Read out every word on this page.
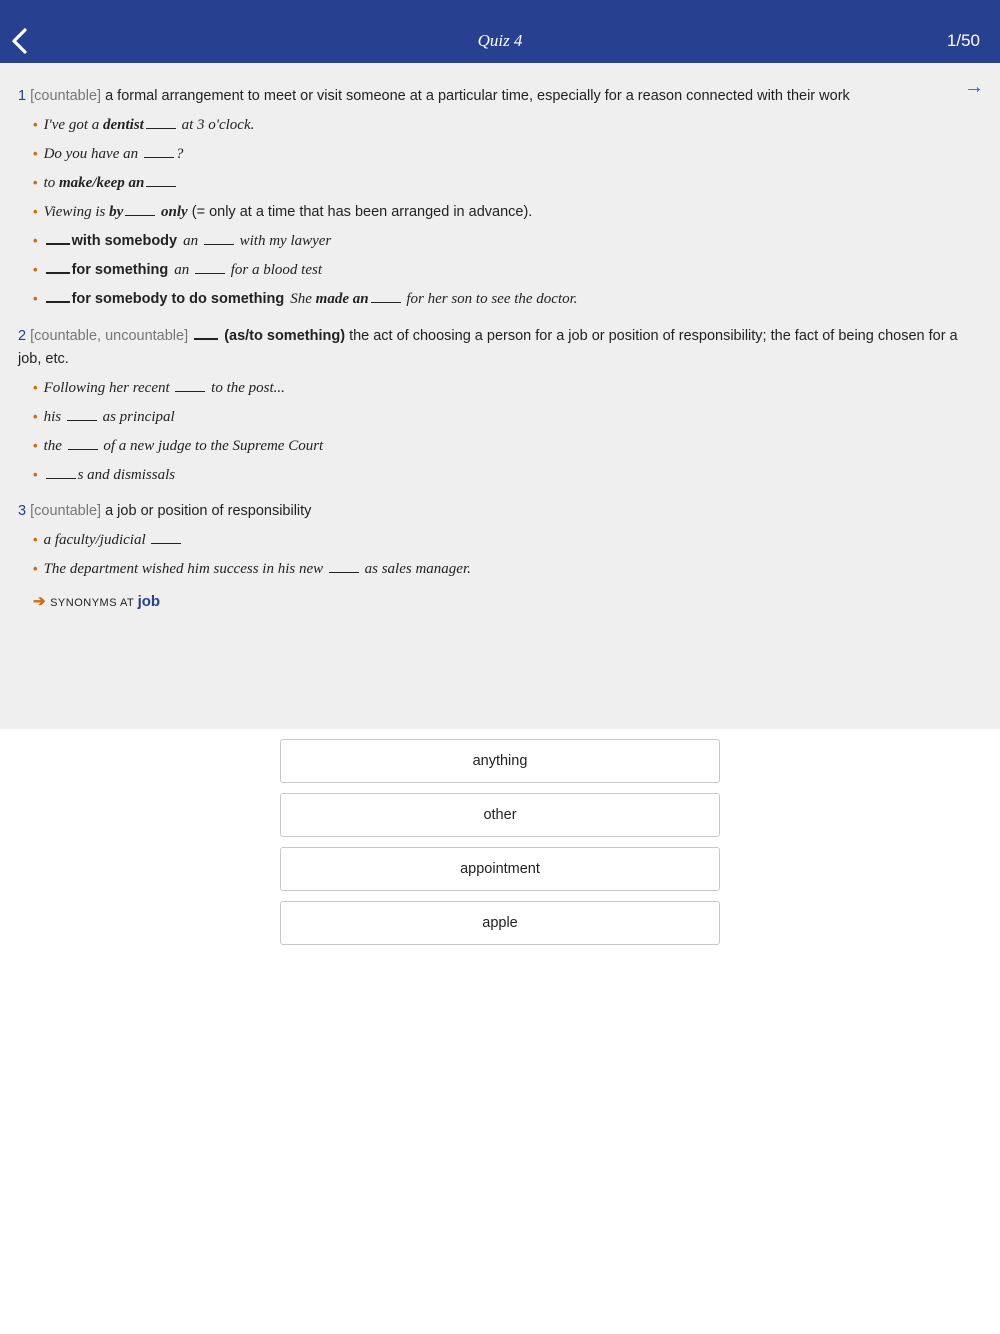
Quiz 4	1/50
→
1 [countable] a formal arrangement to meet or visit someone at a particular time, especially for a reason connected with their work
• I've got a dentist at 3 o'clock.
• Do you have an ?
• to make/keep an
• Viewing is by only (= only at a time that has been arranged in advance).
• with somebody an  with my lawyer
• for something an  for a blood test
• for somebody to do something She made an for her son to see the doctor.
2 [countable, uncountable] (as/to something) the act of choosing a person for a job or position of responsibility; the fact of being chosen for a job, etc.
• Following her recent  to the post...
• his  as principal
• the  of a new judge to the Supreme Court
•	s and dismissals
3 [countable] a job or position of responsibility
• a faculty/judicial
• The department wished him success in his new  as sales manager.
➔ SYNONYMS AT job
anything
other
appointment
apple
